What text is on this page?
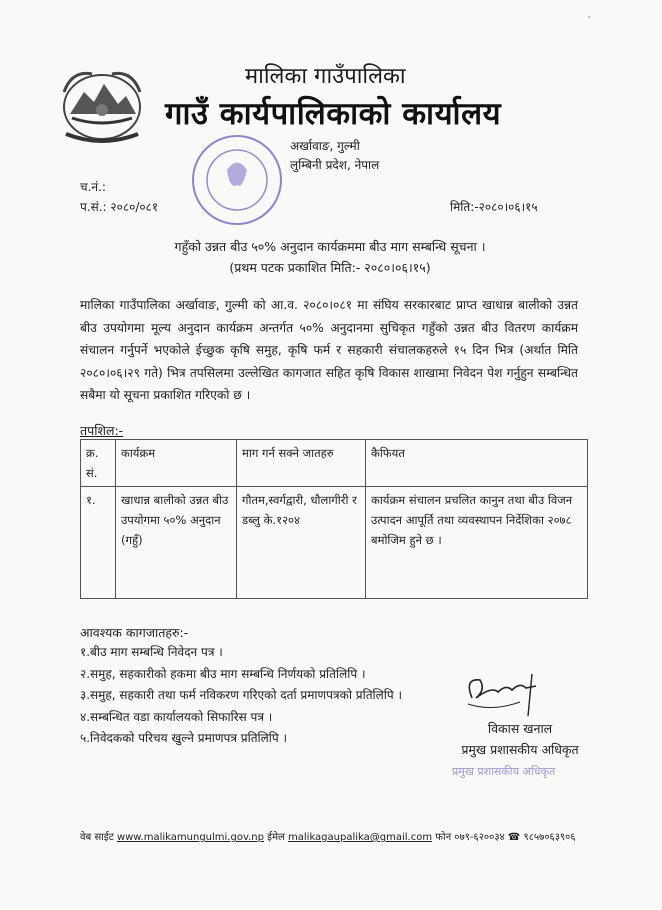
·
मालिका गाउँपालिका
गाउँ कार्यपालिकाको कार्यालय
अर्खावाङ, गुल्मी
लुम्बिनी प्रदेश, नेपाल
च.नं.:
प.सं.: २०८०/०८१	मिति:-२०८०।०६।१५
गहुँको उन्नत बीउ ५०% अनुदान कार्यक्रममा बीउ माग सम्बन्धि सूचना ।
(प्रथम पटक प्रकाशित मिति:- २०८०।०६।१५)
मालिका गाउँपालिका अर्खावाङ, गुल्मी को आ.व. २०८०।०८१ मा संघिय सरकारबाट प्राप्त खाधान्न बालीको उन्नत बीउ उपयोगमा मूल्य अनुदान कार्यक्रम अन्तर्गत ५०% अनुदानमा सुचिकृत गहुँको उन्नत बीउ वितरण कार्यक्रम संचालन गर्नुपर्ने भएकोले ईच्छुक कृषि समुह, कृषि फर्म र सहकारी संचालकहरुले १५ दिन भित्र (अर्थात मिति २०८०।०६।२९ गते) भित्र तपसिलमा उल्लेखित कागजात सहित कृषि विकास शाखामा निवेदन पेश गर्नुहुन सम्बन्धित सबैमा यो सूचना प्रकाशित गरिएको छ ।
तपशिल:-
क्र. सं.	कार्यक्रम	माग गर्न सक्ने जातहरु	कैफियत
१.	खाधान्न बालीको उन्नत बीउ उपयोगमा ५०% अनुदान (गहुँ)	गौतम,स्वर्गद्वारी, धौलागीरी र डब्लु के.१२०४	कार्यक्रम संचालन प्रचलित कानुन तथा बीउ विजन उत्पादन आपूर्ति तथा व्यवस्थापन निर्देशिका २०७८ बमोजिम हुने छ ।
आवश्यक कागजातहरु:-
१.बीउ माग सम्बन्धि निवेदन पत्र ।
२.समुह, सहकारीको हकमा बीउ माग सम्बन्धि निर्णयको प्रतिलिपि ।
३.समुह, सहकारी तथा फर्म नविकरण गरिएको दर्ता प्रमाणपत्रको प्रतिलिपि ।
४.सम्बन्धित वडा कार्यालयको सिफारिस पत्र ।
५.निवेदकको परिचय खुल्ने प्रमाणपत्र प्रतिलिपि ।
विकास खनाल
प्रमुख प्रशासकीय अधिकृत
प्रमुख प्रशासकीय अधिकृत
वेब साईट www.malikamungulmi.gov.np ईमेल malikagaupalika@gmail.com फोन ०७९-६२००३४ ☎ ९८५७०६३९०६
